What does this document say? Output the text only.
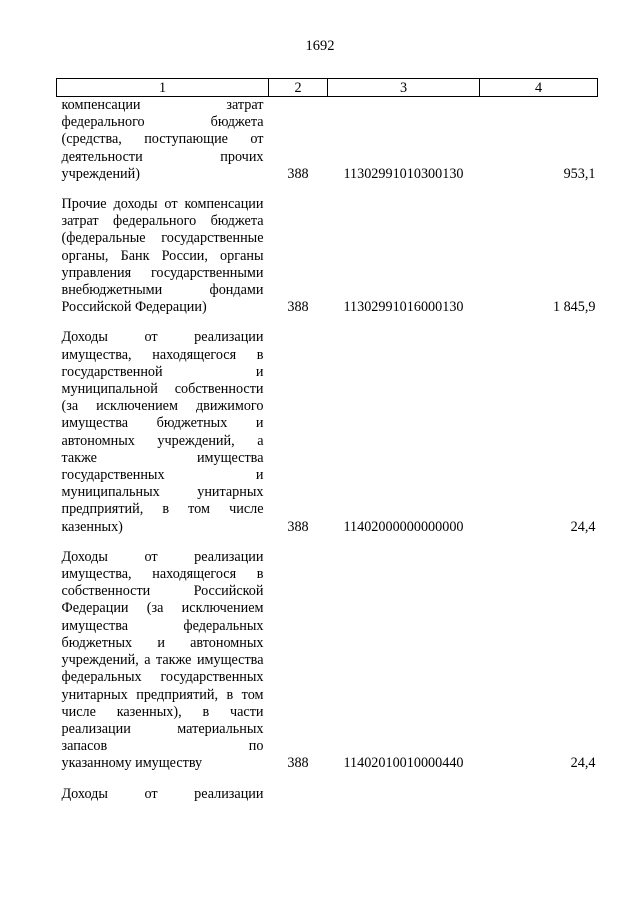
1692
1	2	3	4

компенсации затрат федерального бюджета (средства, поступающие от деятельности прочих
учреждений)	388	11302991010300130	953,1

Прочие доходы от компенсации затрат федерального бюджета (федеральные государственные органы, Банк России, органы управления государственными внебюджетными фондами
Российской Федерации)	388	11302991016000130	1 845,9

Доходы от реализации имущества, находящегося в государственной и муниципальной собственности (за исключением движимого имущества бюджетных и автономных учреждений, а также имущества государственных и муниципальных унитарных предприятий, в том числе
казенных)	388	11402000000000000	24,4

Доходы от реализации имущества, находящегося в собственности Российской Федерации (за исключением имущества федеральных бюджетных и автономных учреждений, а также имущества федеральных государственных унитарных предприятий, в том числе казенных), в части реализации материальных запасов по
указанному имуществу	388	11402010010000440	24,4

Доходы от реализации			
